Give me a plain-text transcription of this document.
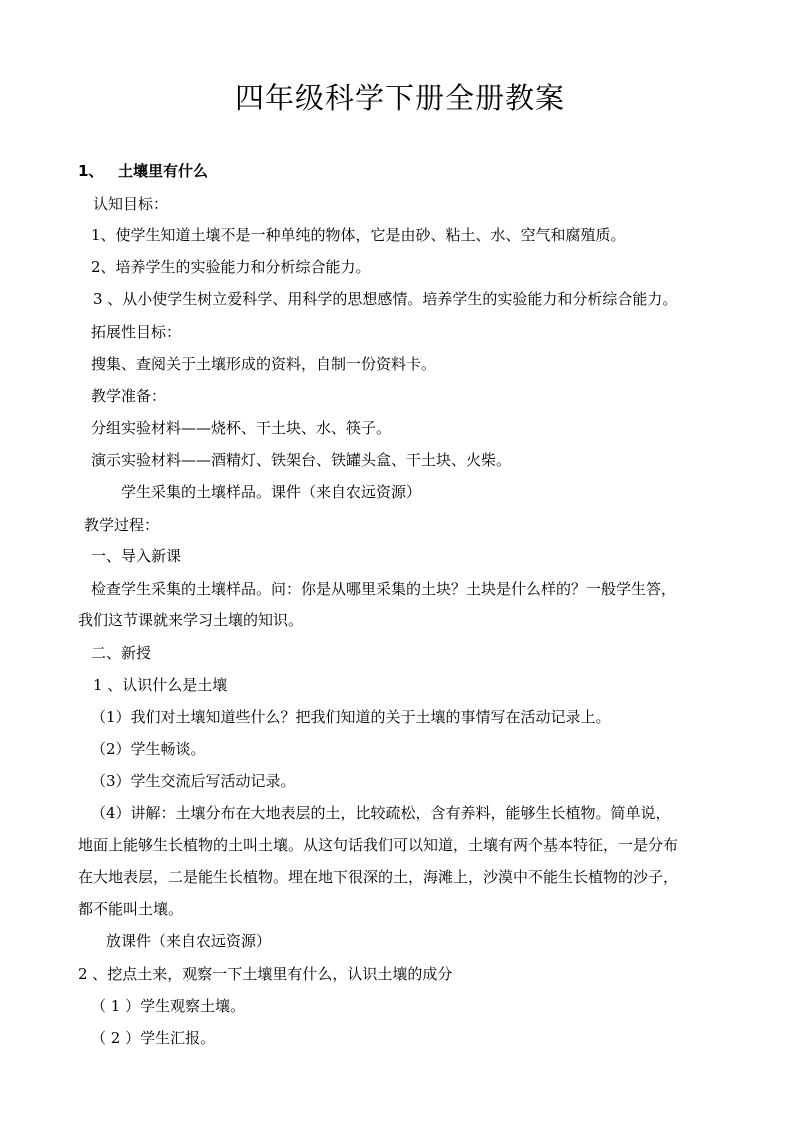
四年级科学下册全册教案
1、 土壤里有什么
认知目标：
1、使学生知道土壤不是一种单纯的物体，它是由砂、粘土、水、空气和腐殖质。
2、培养学生的实验能力和分析综合能力。
3 、从小使学生树立爱科学、用科学的思想感情。培养学生的实验能力和分析综合能力。
拓展性目标：
搜集、查阅关于土壤形成的资料，自制一份资料卡。
教学准备：
分组实验材料——烧杯、干土块、水、筷子。
演示实验材料——酒精灯、铁架台、铁罐头盒、干土块、火柴。
学生采集的土壤样品。课件（来自农远资源）
教学过程：
一、导入新课
检查学生采集的土壤样品。问：你是从哪里采集的土块？土块是什么样的？一般学生答，
我们这节课就来学习土壤的知识。
二、新授
1 、认识什么是土壤
（1）我们对土壤知道些什么？把我们知道的关于土壤的事情写在活动记录上。
（2）学生畅谈。
（3）学生交流后写活动记录。
（4）讲解：土壤分布在大地表层的土，比较疏松，含有养料，能够生长植物。简单说，
地面上能够生长植物的土叫土壤。从这句话我们可以知道，土壤有两个基本特征，一是分布
在大地表层，二是能生长植物。埋在地下很深的土，海滩上，沙漠中不能生长植物的沙子，
都不能叫土壤。
放课件（来自农远资源）
2 、挖点土来，观察一下土壤里有什么，认识土壤的成分
（ 1 ）学生观察土壤。
（ 2 ）学生汇报。
